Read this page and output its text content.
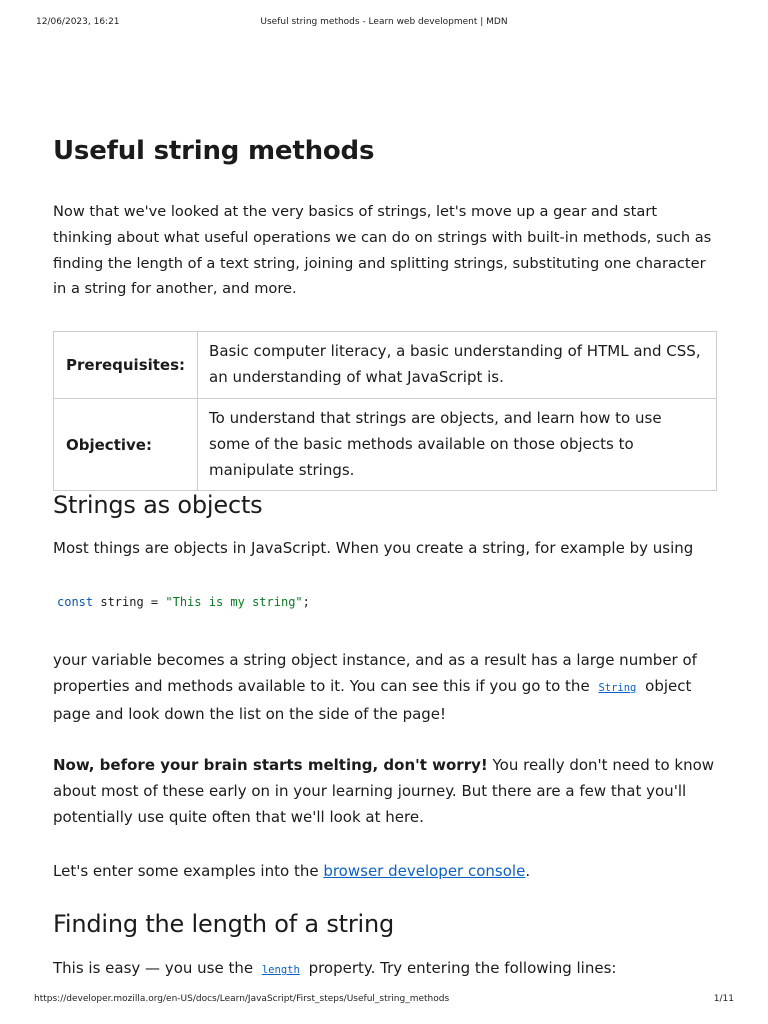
12/06/2023, 16:21	Useful string methods - Learn web development | MDN
Useful string methods

Now that we've looked at the very basics of strings, let's move up a gear and start thinking about what useful operations we can do on strings with built-in methods, such as finding the length of a text string, joining and splitting strings, substituting one character in a string for another, and more.

Prerequisites:	Basic computer literacy, a basic understanding of HTML and CSS, an understanding of what JavaScript is.
Objective:	To understand that strings are objects, and learn how to use some of the basic methods available on those objects to manipulate strings.
Strings as objects

Most things are objects in JavaScript. When you create a string, for example by using

const string = "This is my string";

your variable becomes a string object instance, and as a result has a large number of properties and methods available to it. You can see this if you go to the String object page and look down the list on the side of the page!

Now, before your brain starts melting, don't worry! You really don't need to know about most of these early on in your learning journey. But there are a few that you'll potentially use quite often that we'll look at here.

Let's enter some examples into the browser developer console.

Finding the length of a string

This is easy — you use the length property. Try entering the following lines:

https://developer.mozilla.org/en-US/docs/Learn/JavaScript/First_steps/Useful_string_methods	1/11
